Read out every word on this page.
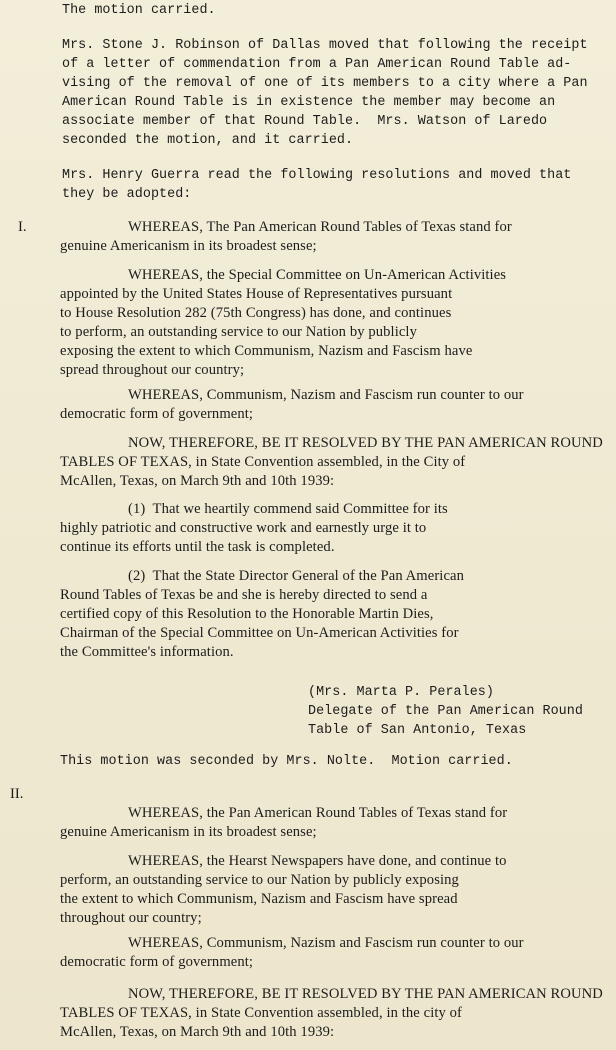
The motion carried.
Mrs. Stone J. Robinson of Dallas moved that following the receipt
of a letter of commendation from a Pan American Round Table ad-
vising of the removal of one of its members to a city where a Pan
American Round Table is in existence the member may become an
associate member of that Round Table.  Mrs. Watson of Laredo
seconded the motion, and it carried.
Mrs. Henry Guerra read the following resolutions and moved that
they be adopted:
I.	WHEREAS, The Pan American Round Tables of Texas stand for
genuine Americanism in its broadest sense;
WHEREAS, the Special Committee on Un-American Activities
appointed by the United States House of Representatives pursuant
to House Resolution 282 (75th Congress) has done, and continues
to perform, an outstanding service to our Nation by publicly
exposing the extent to which Communism, Nazism and Fascism have
spread throughout our country;
WHEREAS, Communism, Nazism and Fascism run counter to our
democratic form of government;
NOW, THEREFORE, BE IT RESOLVED BY THE PAN AMERICAN ROUND
TABLES OF TEXAS, in State Convention assembled, in the City of
McAllen, Texas, on March 9th and 10th 1939:
(1)  That we heartily commend said Committee for its
highly patriotic and constructive work and earnestly urge it to
continue its efforts until the task is completed.
(2)  That the State Director General of the Pan American
Round Tables of Texas be and she is hereby directed to send a
certified copy of this Resolution to the Honorable Martin Dies,
Chairman of the Special Committee on Un-American Activities for
the Committee's information.
(Mrs. Marta P. Perales)
Delegate of the Pan American Round
Table of San Antonio, Texas
This motion was seconded by Mrs. Nolte.  Motion carried.
II.
WHEREAS, the Pan American Round Tables of Texas stand for
genuine Americanism in its broadest sense;
WHEREAS, the Hearst Newspapers have done, and continue to
perform, an outstanding service to our Nation by publicly exposing
the extent to which Communism, Nazism and Fascism have spread
throughout our country;
WHEREAS, Communism, Nazism and Fascism run counter to our
democratic form of government;
NOW, THEREFORE, BE IT RESOLVED BY THE PAN AMERICAN ROUND
TABLES OF TEXAS, in State Convention assembled, in the city of
McAllen, Texas, on March 9th and 10th 1939:
